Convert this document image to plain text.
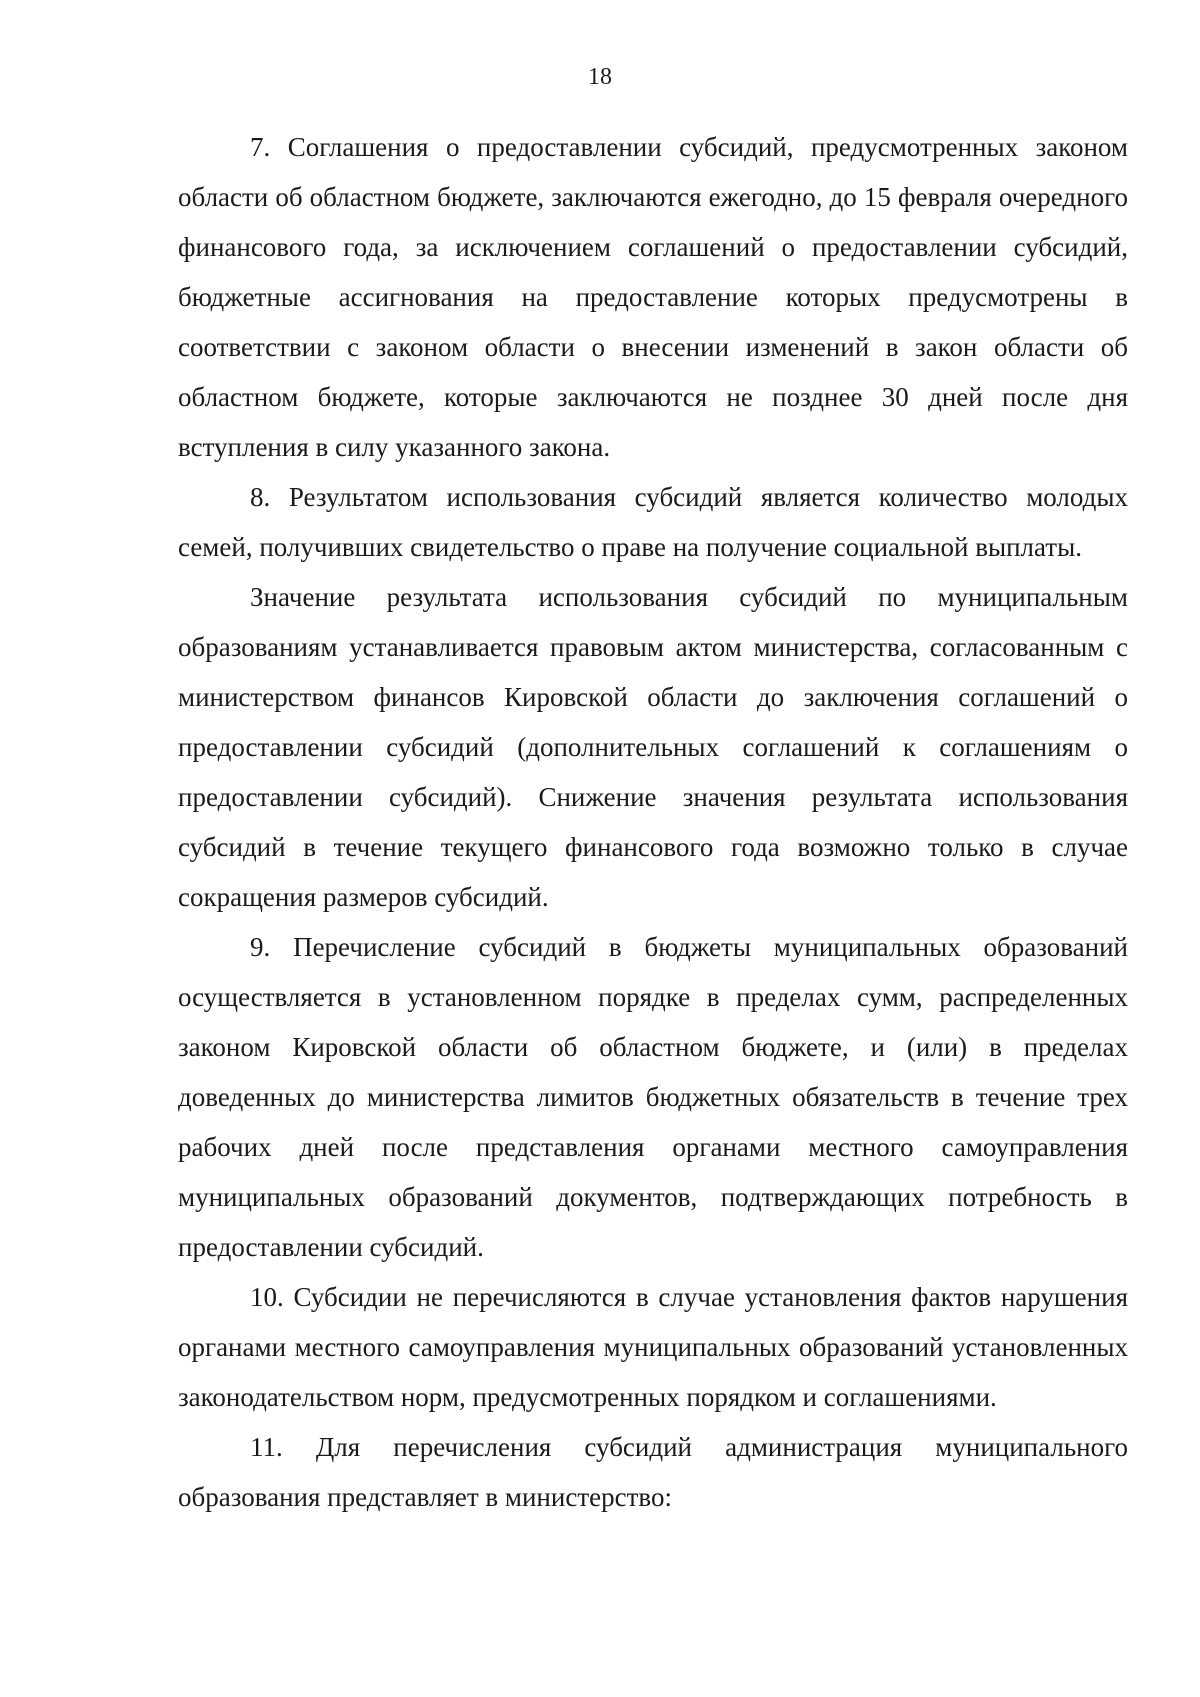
18

7. Соглашения о предоставлении субсидий, предусмотренных законом области об областном бюджете, заключаются ежегодно, до 15 февраля очередного финансового года, за исключением соглашений о предоставлении субсидий, бюджетные ассигнования на предоставление которых предусмотрены в соответствии с законом области о внесении изменений в закон области об областном бюджете, которые заключаются не позднее 30 дней после дня вступления в силу указанного закона.

8. Результатом использования субсидий является количество молодых семей, получивших свидетельство о праве на получение социальной выплаты.

Значение результата использования субсидий по муниципальным образованиям устанавливается правовым актом министерства, согласованным с министерством финансов Кировской области до заключения соглашений о предоставлении субсидий (дополнительных соглашений к соглашениям о предоставлении субсидий). Снижение значения результата использования субсидий в течение текущего финансового года возможно только в случае сокращения размеров субсидий.

9. Перечисление субсидий в бюджеты муниципальных образований осуществляется в установленном порядке в пределах сумм, распределенных законом Кировской области об областном бюджете, и (или) в пределах доведенных до министерства лимитов бюджетных обязательств в течение трех рабочих дней после представления органами местного самоуправления муниципальных образований документов, подтверждающих потребность в предоставлении субсидий.

10. Субсидии не перечисляются в случае установления фактов нарушения органами местного самоуправления муниципальных образований установленных законодательством норм, предусмотренных порядком и соглашениями.

11. Для перечисления субсидий администрация муниципального образования представляет в министерство:
